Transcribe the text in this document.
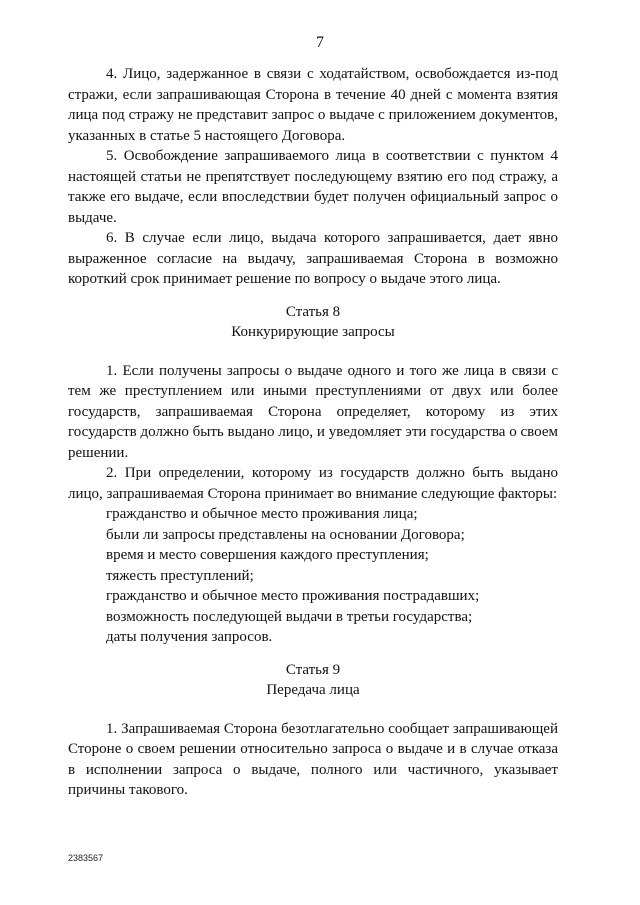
7

4. Лицо, задержанное в связи с ходатайством, освобождается из-под стражи, если запрашивающая Сторона в течение 40 дней с момента взятия лица под стражу не представит запрос о выдаче с приложением документов, указанных в статье 5 настоящего Договора.

5. Освобождение запрашиваемого лица в соответствии с пунктом 4 настоящей статьи не препятствует последующему взятию его под стражу, а также его выдаче, если впоследствии будет получен официальный запрос о выдаче.

6. В случае если лицо, выдача которого запрашивается, дает явно выраженное согласие на выдачу, запрашиваемая Сторона в возможно короткий срок принимает решение по вопросу о выдаче этого лица.

Статья 8

Конкурирующие запросы

1. Если получены запросы о выдаче одного и того же лица в связи с тем же преступлением или иными преступлениями от двух или более государств, запрашиваемая Сторона определяет, которому из этих государств должно быть выдано лицо, и уведомляет эти государства о своем решении.

2. При определении, которому из государств должно быть выдано лицо, запрашиваемая Сторона принимает во внимание следующие факторы:

гражданство и обычное место проживания лица;

были ли запросы представлены на основании Договора;

время и место совершения каждого преступления;

тяжесть преступлений;

гражданство и обычное место проживания пострадавших;

возможность последующей выдачи в третьи государства;

даты получения запросов.

Статья 9

Передача лица

1. Запрашиваемая Сторона безотлагательно сообщает запрашивающей Стороне о своем решении относительно запроса о выдаче и в случае отказа в исполнении запроса о выдаче, полного или частичного, указывает причины такового.

2383567
